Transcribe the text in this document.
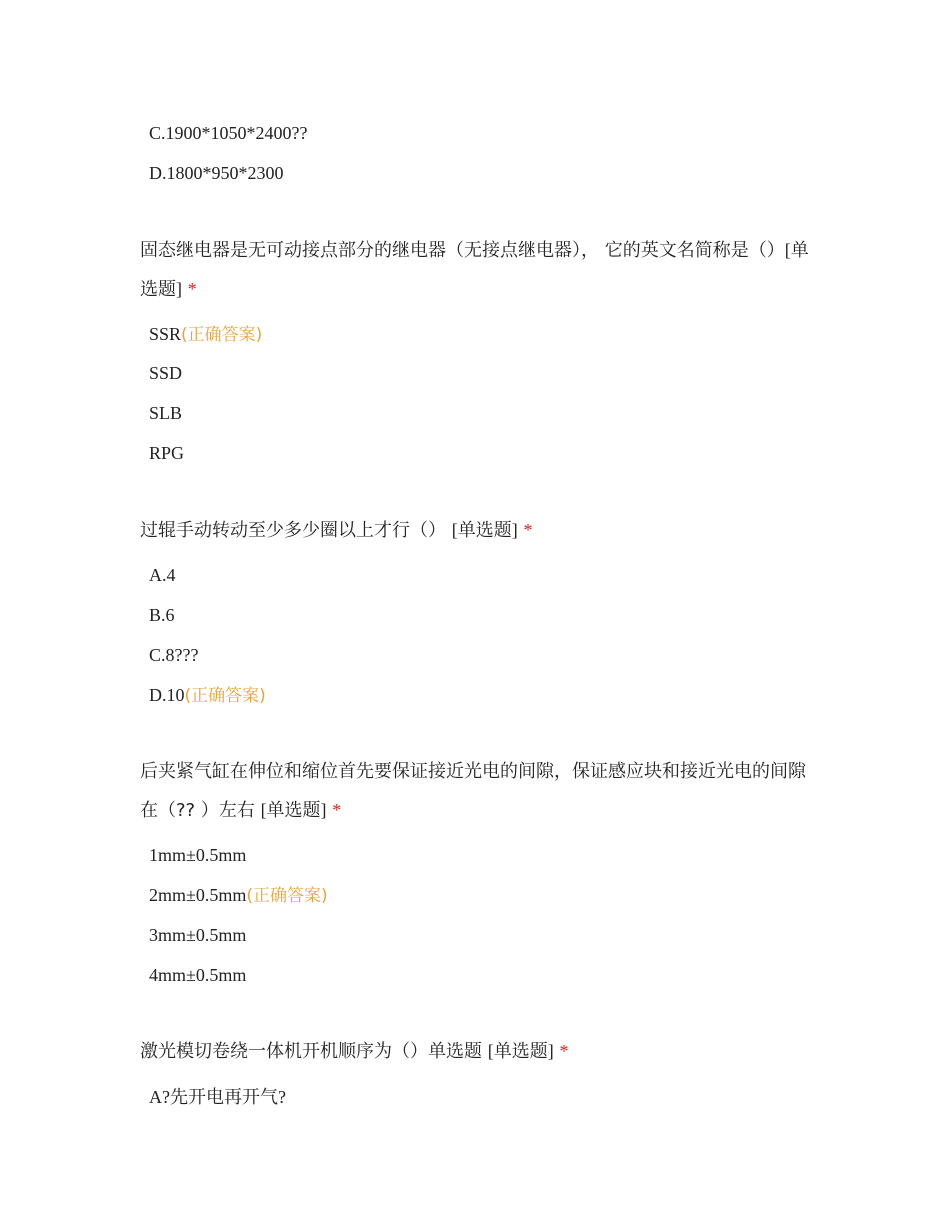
C.1900*1050*2400??
D.1800*950*2300
固态继电器是无可动接点部分的继电器（无接点继电器）， 它的英文名简称是（）[单选题] *
SSR(正确答案)
SSD
SLB
RPG
过辊手动转动至少多少圈以上才行（） [单选题] *
A.4
B.6
C.8???
D.10(正确答案)
后夹紧气缸在伸位和缩位首先要保证接近光电的间隙，保证感应块和接近光电的间隙在（?? ）左右 [单选题] *
1mm±0.5mm
2mm±0.5mm(正确答案)
3mm±0.5mm
4mm±0.5mm
激光模切卷绕一体机开机顺序为（）单选题 [单选题] *
A?先开电再开气?
